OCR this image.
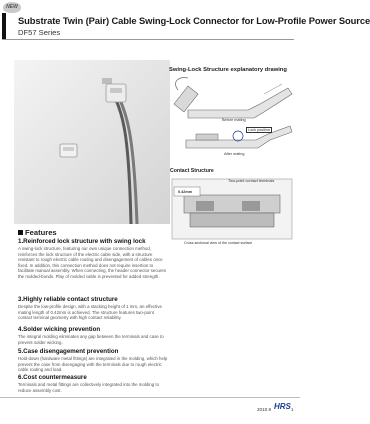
NEW
Substrate Twin (Pair) Cable Swing-Lock Connector for Low-Profile Power Source
DF57 Series
Swing-Lock Structure explanatory drawing
Before mating
Lock position
After mating
Contact Structure
Two-point contact terminals
0.42mm
Cross-sectional view of the contact surface
Features
1.Reinforced lock structure with swing lock
A swing-lock structure, featuring our own unique connection method, reinforces the lock structure of the electric cable side, with a structure resistant to rough electric cable routing and disengagement of cables once fixed. In addition, this connection method does not require insertion to facilitate manual assembly. When connecting, the header connector secures the molded-bonds. Play of molded cable is prevented for added strength.
3.Highly reliable contact structure
Despite the low-profile design, with a stacking height of 1 mm, an effective mating length of 0.42mm is achieved. The structure features two-point contact terminal geometry with high contact reliability.
4.Solder wicking prevention
The integral molding eliminates any gap between the terminals and case to prevent solder wicking.
5.Case disengagement prevention
Hold-down (hardware metal fittings) are integrated in the molding, which help prevent the case from disengaging with the terminals due to rough electric cable routing and load.
6.Cost countermeasure
Terminals and metal fittings are collectively integrated into the molding to reduce assembly cost.
2010.9 HRS 1
